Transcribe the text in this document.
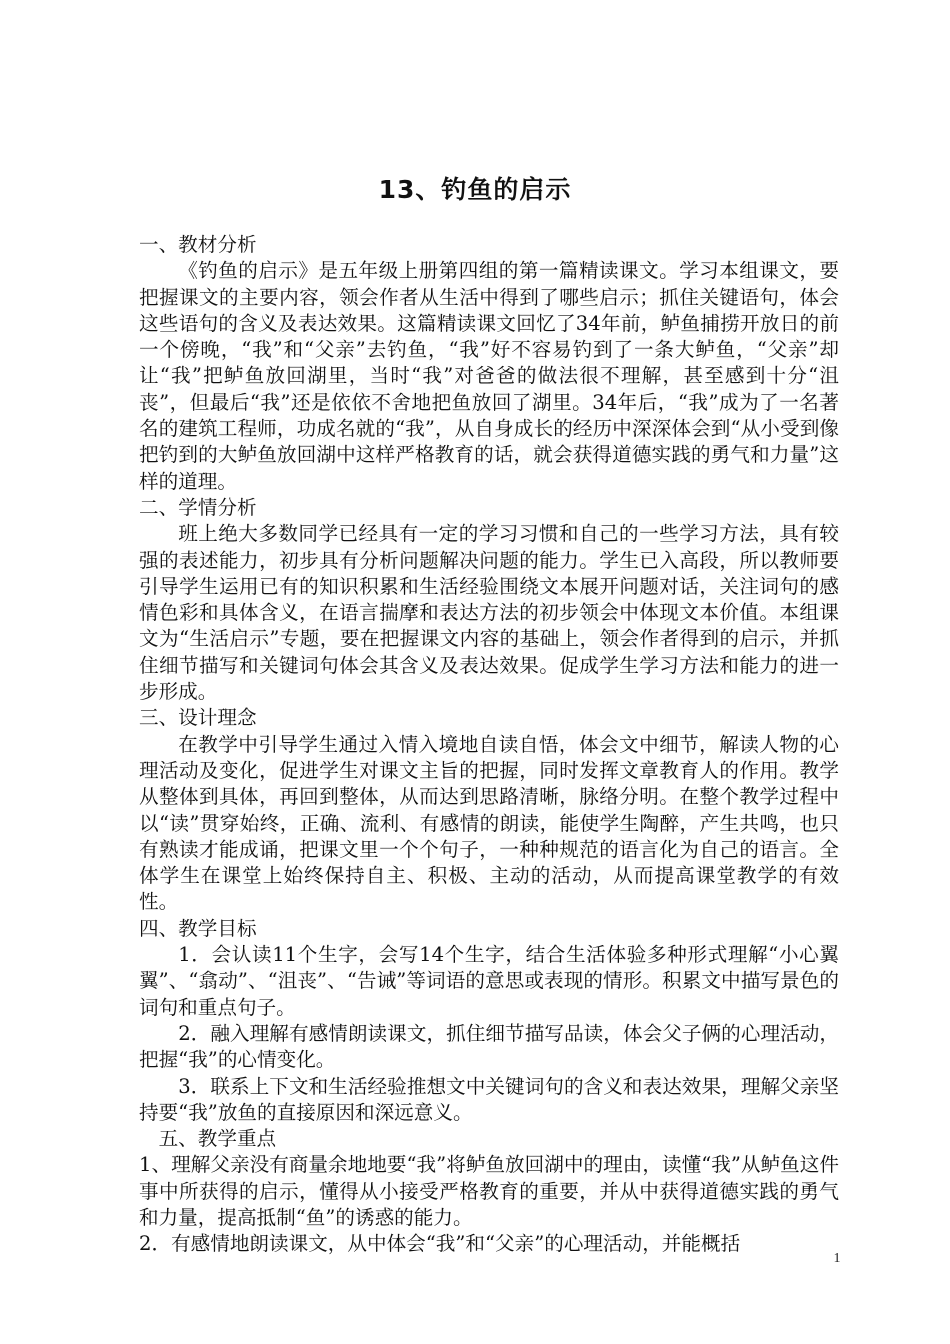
13、钓鱼的启示

一、教材分析

《钓鱼的启示》是五年级上册第四组的第一篇精读课文。学习本组课文，要把握课文的主要内容，领会作者从生活中得到了哪些启示；抓住关键语句，体会这些语句的含义及表达效果。这篇精读课文回忆了34年前，鲈鱼捕捞开放日的前一个傍晚，“我”和“父亲”去钓鱼，“我”好不容易钓到了一条大鲈鱼，“父亲”却让“我”把鲈鱼放回湖里，当时“我”对爸爸的做法很不理解，甚至感到十分“沮丧”，但最后“我”还是依依不舍地把鱼放回了湖里。34年后，“我”成为了一名著名的建筑工程师，功成名就的“我”，从自身成长的经历中深深体会到“从小受到像把钓到的大鲈鱼放回湖中这样严格教育的话，就会获得道德实践的勇气和力量”这样的道理。

二、学情分析

班上绝大多数同学已经具有一定的学习习惯和自己的一些学习方法，具有较强的表述能力，初步具有分析问题解决问题的能力。学生已入高段，所以教师要引导学生运用已有的知识积累和生活经验围绕文本展开问题对话，关注词句的感情色彩和具体含义，在语言揣摩和表达方法的初步领会中体现文本价值。本组课文为“生活启示”专题，要在把握课文内容的基础上，领会作者得到的启示，并抓住细节描写和关键词句体会其含义及表达效果。促成学生学习方法和能力的进一步形成。

三、设计理念

在教学中引导学生通过入情入境地自读自悟，体会文中细节，解读人物的心理活动及变化，促进学生对课文主旨的把握，同时发挥文章教育人的作用。教学从整体到具体，再回到整体，从而达到思路清晰，脉络分明。在整个教学过程中以“读”贯穿始终，正确、流利、有感情的朗读，能使学生陶醉，产生共鸣，也只有熟读才能成诵，把课文里一个个句子，一种种规范的语言化为自己的语言。全体学生在课堂上始终保持自主、积极、主动的活动，从而提高课堂教学的有效性。

四、教学目标

1．会认读11个生字，会写14个生字，结合生活体验多种形式理解“小心翼翼”、“翕动”、“沮丧”、“告诫”等词语的意思或表现的情形。积累文中描写景色的词句和重点句子。

2．融入理解有感情朗读课文，抓住细节描写品读，体会父子俩的心理活动，把握“我”的心情变化。

3．联系上下文和生活经验推想文中关键词句的含义和表达效果，理解父亲坚持要“我”放鱼的直接原因和深远意义。

五、教学重点

1、理解父亲没有商量余地地要“我”将鲈鱼放回湖中的理由，读懂“我”从鲈鱼这件事中所获得的启示，懂得从小接受严格教育的重要，并从中获得道德实践的勇气和力量，提高抵制“鱼”的诱惑的能力。

2．有感情地朗读课文，从中体会“我”和“父亲”的心理活动，并能概括

1
